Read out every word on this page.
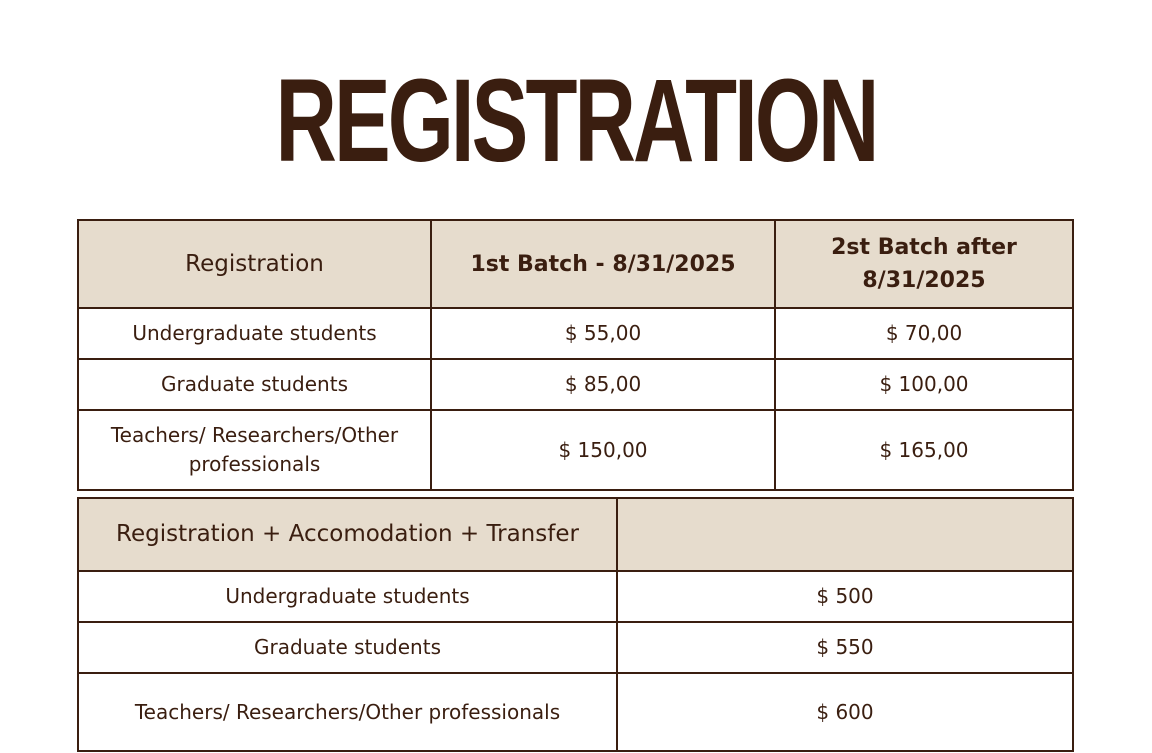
REGISTRATION
Registration	1st Batch - 8/31/2025	2st Batch after 8/31/2025
Undergraduate students	$ 55,00	$ 70,00
Graduate students	$ 85,00	$ 100,00
Teachers/ Researchers/Other professionals	$ 150,00	$ 165,00
Registration + Accomodation + Transfer	
Undergraduate students	$ 500
Graduate students	$ 550
Teachers/ Researchers/Other professionals	$ 600
